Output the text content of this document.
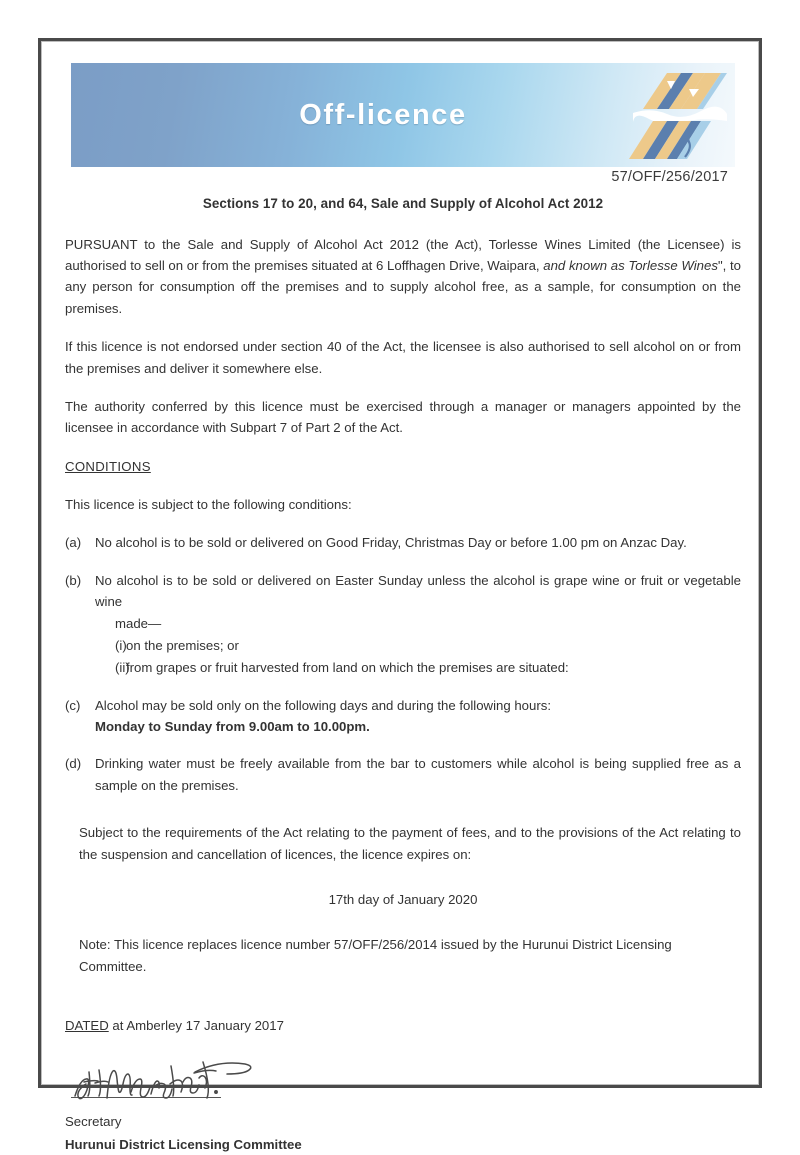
Off-licence
57/OFF/256/2017

Sections 17 to 20, and 64, Sale and Supply of Alcohol Act 2012

PURSUANT to the Sale and Supply of Alcohol Act 2012 (the Act), Torlesse Wines Limited (the Licensee) is authorised to sell on or from the premises situated at 6 Loffhagen Drive, Waipara, and known as Torlesse Wines", to any person for consumption off the premises and to supply alcohol free, as a sample, for consumption on the premises.

If this licence is not endorsed under section 40 of the Act, the licensee is also authorised to sell alcohol on or from the premises and deliver it somewhere else.

The authority conferred by this licence must be exercised through a manager or managers appointed by the licensee in accordance with Subpart 7 of Part 2 of the Act.

CONDITIONS

This licence is subject to the following conditions:

(a)	No alcohol is to be sold or delivered on Good Friday, Christmas Day or before 1.00 pm on Anzac Day.
(b)	No alcohol is to be sold or delivered on Easter Sunday unless the alcohol is grape wine or fruit or vegetable wine
made—
(i) on the premises; or
(ii)
from grapes or fruit harvested from land on which the premises are situated:
(c)	Alcohol may be sold only on the following days and during the following hours:
Monday to Sunday from 9.00am to 10.00pm.
(d)	Drinking water must be freely available from the bar to customers while alcohol is being supplied free as a sample on the premises.

Subject to the requirements of the Act relating to the payment of fees, and to the provisions of the Act relating to the suspension and cancellation of licences, the licence expires on:

17th day of January 2020

Note: This licence replaces licence number 57/OFF/256/2014 issued by the Hurunui District Licensing Committee.

DATED at Amberley 17 January 2017

Secretary
Hurunui District Licensing Committee
